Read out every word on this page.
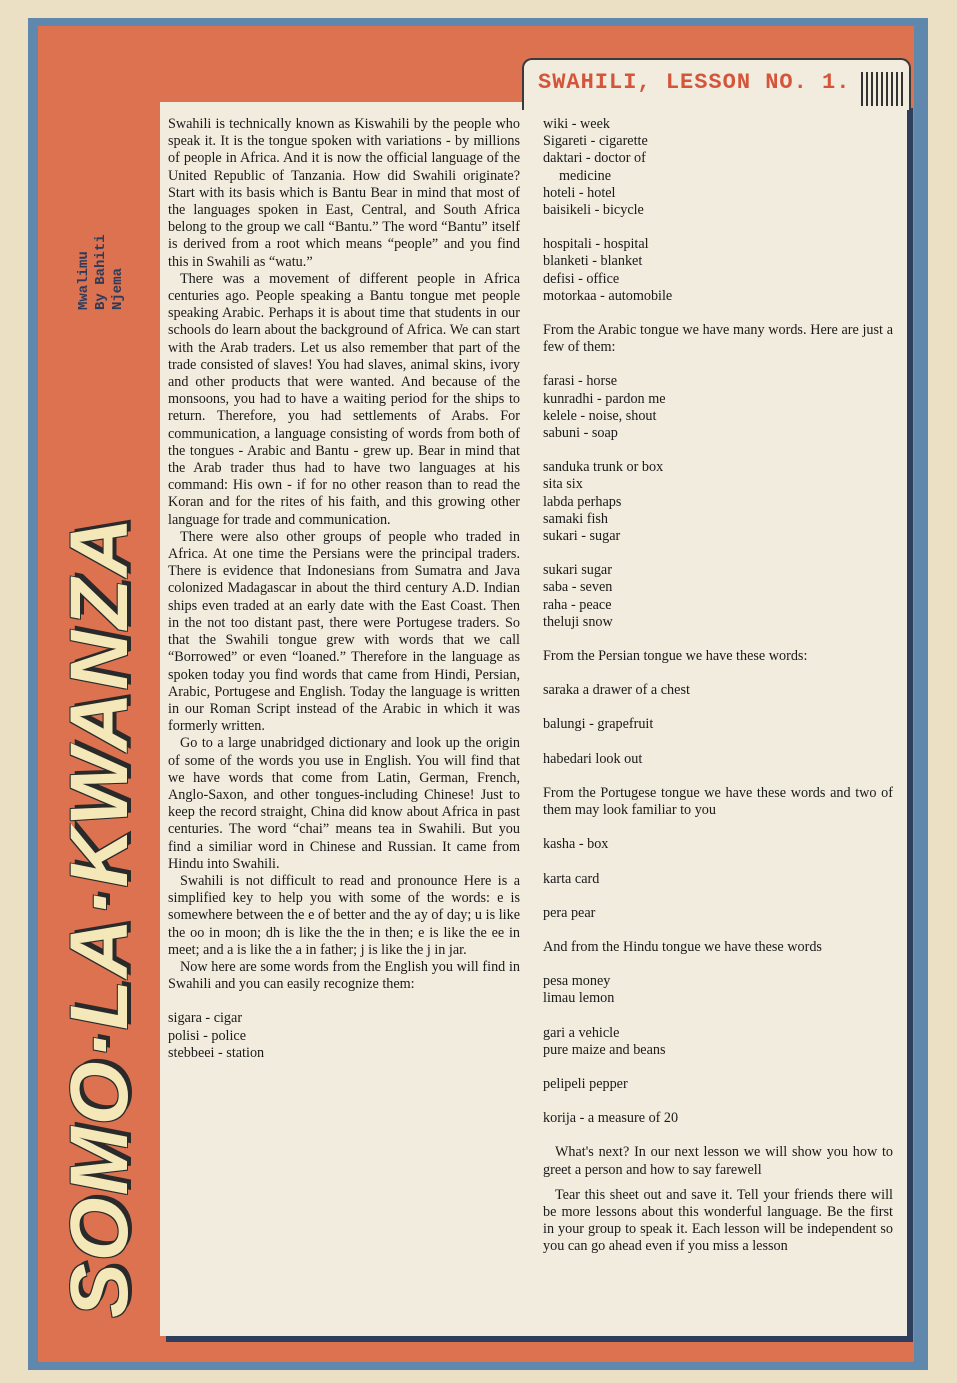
SOMO·LA·KWANZA
Mwalimu By Bahiti
Njema
SWAHILI, LESSON NO. 1.

Swahili is technically known as Kiswahili by the people who speak it. It is the tongue spoken with variations - by millions of people in Africa. And it is now the official language of the United Republic of Tanzania. How did Swahili originate? Start with its basis which is Bantu Bear in mind that most of the languages spoken in East, Central, and South Africa belong to the group we call “Bantu.” The word “Bantu” itself is derived from a root which means “people” and you find this in Swahili as “watu.”

There was a movement of different people in Africa centuries ago. People speaking a Bantu tongue met people speaking Arabic. Perhaps it is about time that students in our schools do learn about the background of Africa. We can start with the Arab traders. Let us also remember that part of the trade consisted of slaves! You had slaves, animal skins, ivory and other products that were wanted. And because of the monsoons, you had to have a waiting period for the ships to return. Therefore, you had settlements of Arabs. For communication, a language consisting of words from both of the tongues - Arabic and Bantu - grew up. Bear in mind that the Arab trader thus had to have two languages at his command: His own - if for no other reason than to read the Koran and for the rites of his faith, and this growing other language for trade and communication.

There were also other groups of people who traded in Africa. At one time the Persians were the principal traders. There is evidence that Indonesians from Sumatra and Java colonized Madagascar in about the third century A.D. Indian ships even traded at an early date with the East Coast. Then in the not too distant past, there were Portugese traders. So that the Swahili tongue grew with words that we call “Borrowed” or even “loaned.” Therefore in the language as spoken today you find words that came from Hindi, Persian, Arabic, Portugese and English. Today the language is written in our Roman Script instead of the Arabic in which it was formerly written.

Go to a large unabridged dictionary and look up the origin of some of the words you use in English. You will find that we have words that come from Latin, German, French, Anglo-Saxon, and other tongues-including Chinese! Just to keep the record straight, China did know about Africa in past centuries. The word “chai” means tea in Swahili. But you find a similiar word in Chinese and Russian. It came from Hindu into Swahili.

Swahili is not difficult to read and pronounce Here is a simplified key to help you with some of the words: e is somewhere between the e of better and the ay of day; u is like the oo in moon; dh is like the the in then; e is like the ee in meet; and a is like the a in father; j is like the j in jar.

Now here are some words from the English you will find in Swahili and you can easily recognize them:

sigara - cigar
polisi - police
stebbeei - station
wiki - week
Sigareti - cigarette
daktari - doctor of
medicine
hoteli - hotel
baisikeli - bicycle
hospitali - hospital
blanketi - blanket
defisi - office
motorkaa - automobile

From the Arabic tongue we have many words. Here are just a few of them:

farasi - horse
kunradhi - pardon me
kelele - noise, shout
sabuni - soap
sanduka trunk or box
sita six
labda perhaps
samaki fish
sukari - sugar
sukari sugar
saba - seven
raha - peace
theluji snow
From the Persian tongue we have these words:
saraka a drawer of a chest
balungi - grapefruit
habedari look out

From the Portugese tongue we have these words and two of them may look familiar to you

kasha - box
karta card
pera pear
And from the Hindu tongue we have these words
pesa money
limau lemon
gari a vehicle
pure maize and beans
pelipeli pepper
korija - a measure of 20

What's next? In our next lesson we will show you how to greet a person and how to say farewell

Tear this sheet out and save it. Tell your friends there will be more lessons about this wonderful language. Be the first in your group to speak it. Each lesson will be independent so you can go ahead even if you miss a lesson
